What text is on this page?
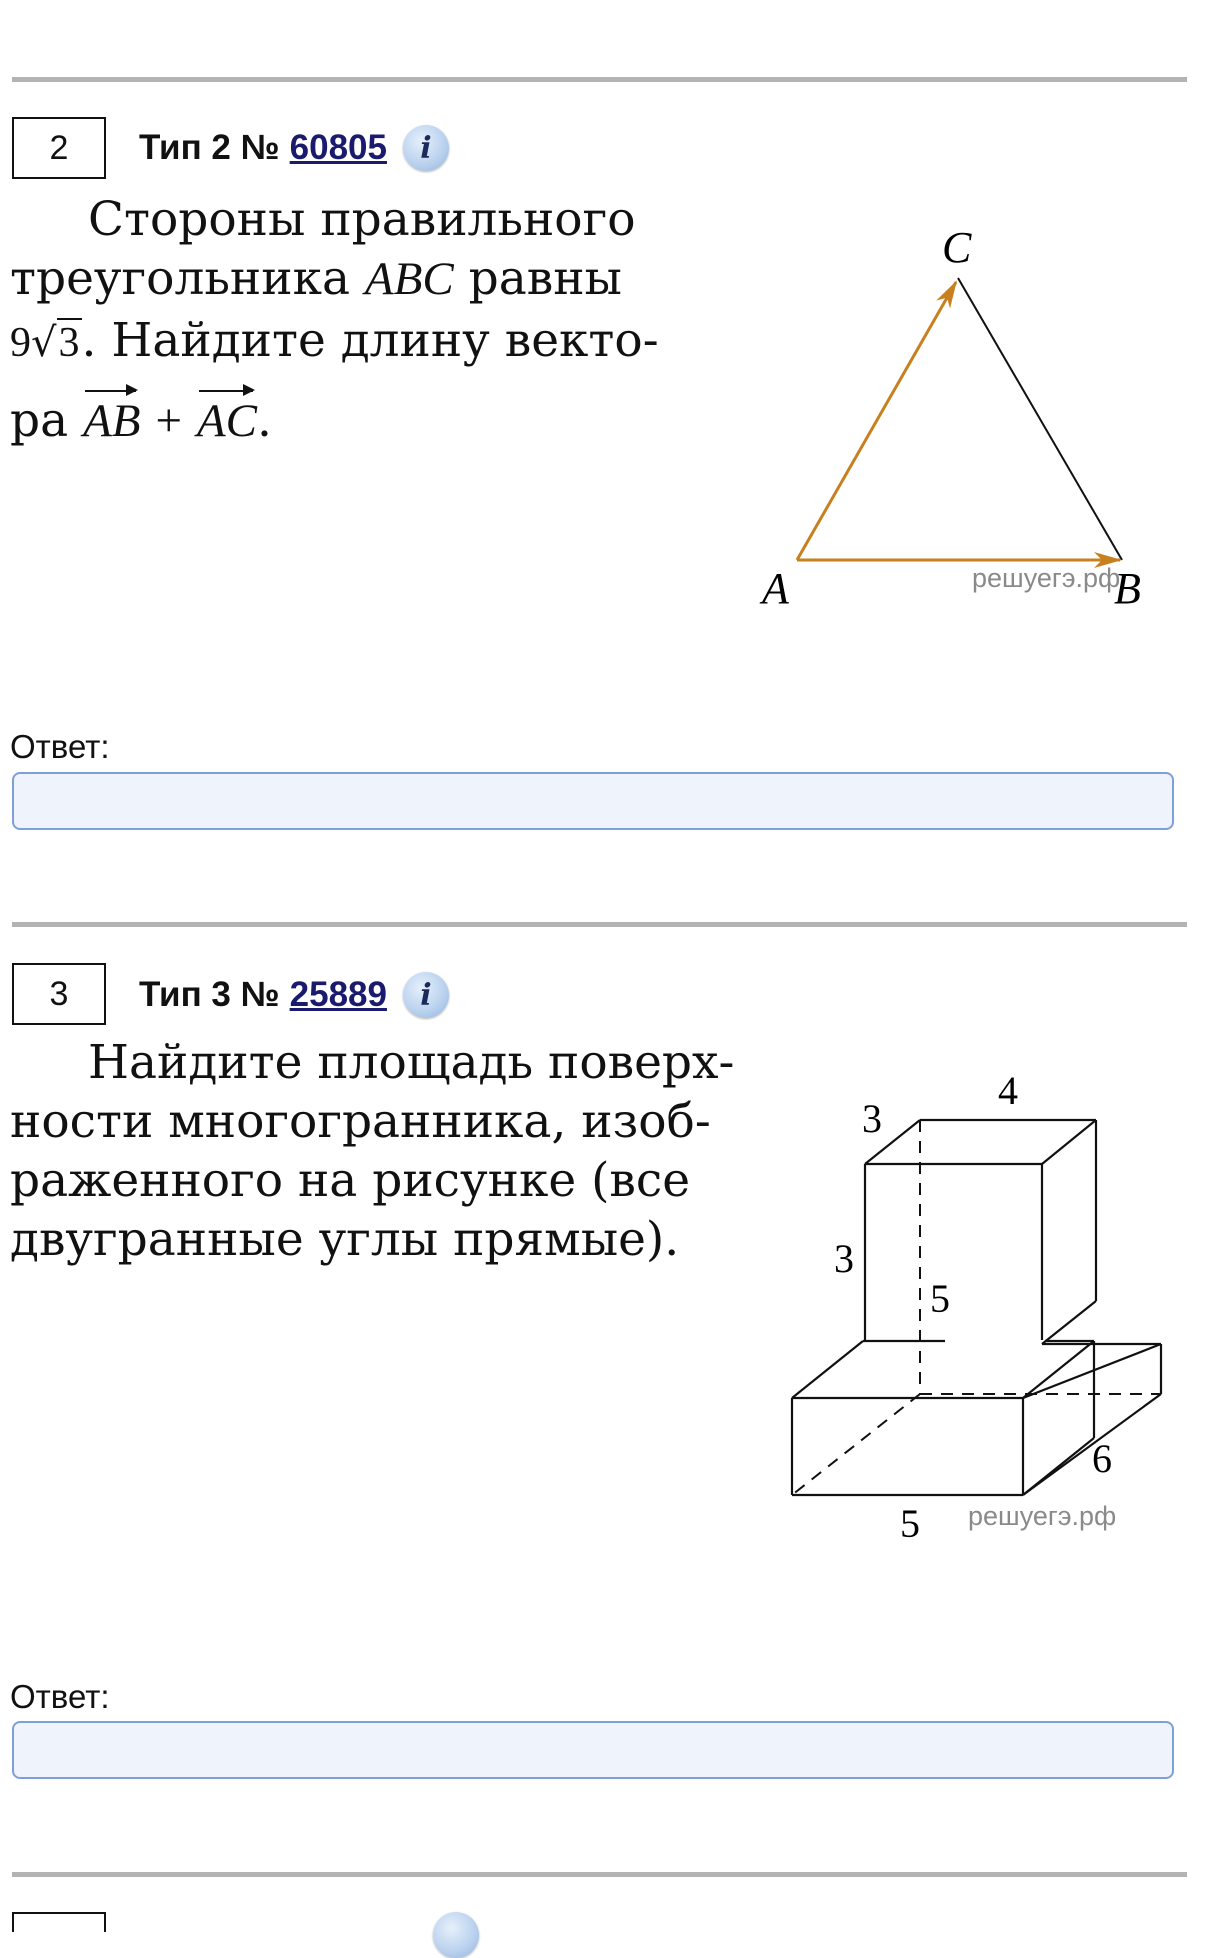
2 Тип 2 № 60805	i

Стороны правильного

треугольника ABC равны

9√3. Найдите длину векто-

ра AB + AC.

C
A	B
решуегэ.рф
Ответ:
3 Тип 3 № 25889	i

Найдите площадь поверх-

ности многогранника, изоб-

раженного на рисунке (все

двугранные углы прямые).

4
3
3
5
6
5 решуегэ.рф
Ответ:
